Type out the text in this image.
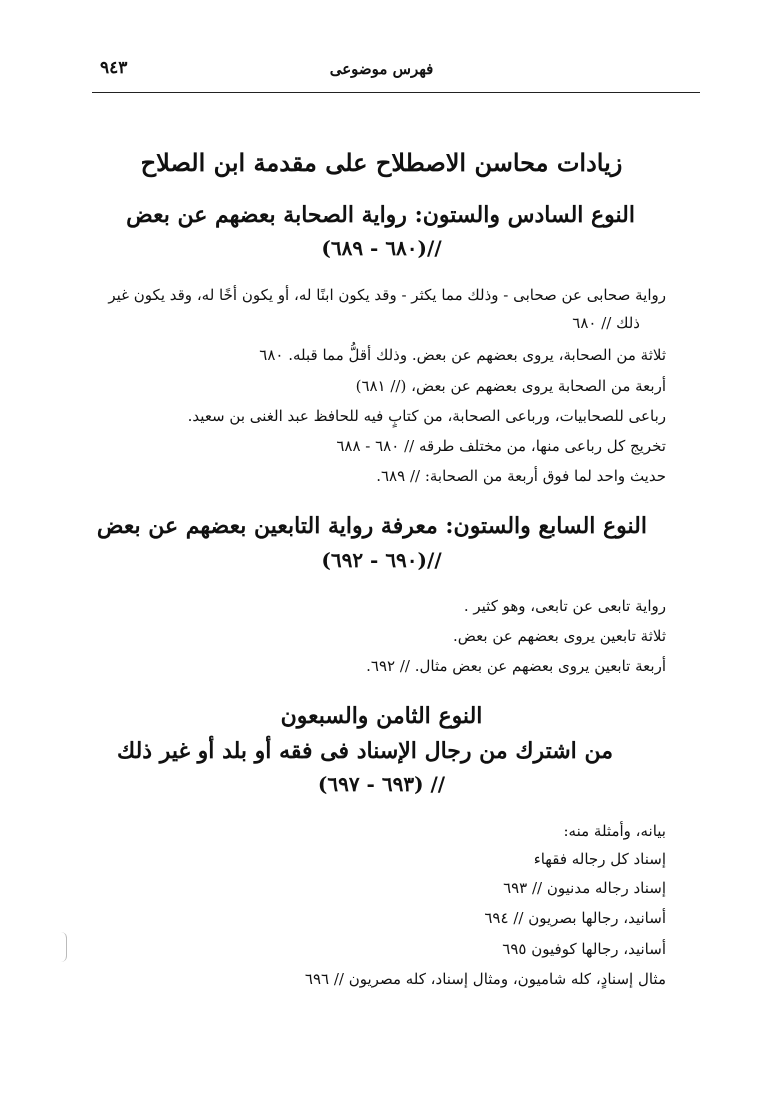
٩٤٣	فهرس موضوعى
زيادات محاسن الاصطلاح على مقدمة ابن الصلاح
النوع السادس والستون: رواية الصحابة بعضهم عن بعض
//(٦٨٠ - ٦٨٩)
رواية صحابى عن صحابى - وذلك مما يكثر - وقد يكون ابنًا له، أو يكون أخًا له، وقد يكون غير
ذلك // ٦٨٠
ثلاثة من الصحابة، يروى بعضهم عن بعض. وذلك أقلُّ مما قبله. ٦٨٠
أربعة من الصحابة يروى بعضهم عن بعض، (// ٦٨١)
رباعى للصحابيات، ورباعى الصحابة، من كتابٍ فيه للحافظ عبد الغنى بن سعيد.
تخريج كل رباعى منها، من مختلف طرقه // ٦٨٠ - ٦٨٨
حديث واحد لما فوق أربعة من الصحابة: // ٦٨٩.
النوع السابع والستون: معرفة رواية التابعين بعضهم عن بعض
//(٦٩٠ - ٦٩٢)
رواية تابعى عن تابعى، وهو كثير .
ثلاثة تابعين يروى بعضهم عن بعض.
أربعة تابعين يروى بعضهم عن بعض مثال. // ٦٩٢.
النوع الثامن والسبعون
من اشترك من رجال الإسناد فى فقه أو بلد أو غير ذلك
// (٦٩٣ - ٦٩٧)
بيانه، وأمثلة منه:
إسناد كل رجاله فقهاء
إسناد رجاله مدنيون // ٦٩٣
أسانيد، رجالها بصريون // ٦٩٤
أسانيد، رجالها كوفيون ٦٩٥
مثال إسنادٍ، كله شاميون، ومثال إسناد، كله مصريون // ٦٩٦
